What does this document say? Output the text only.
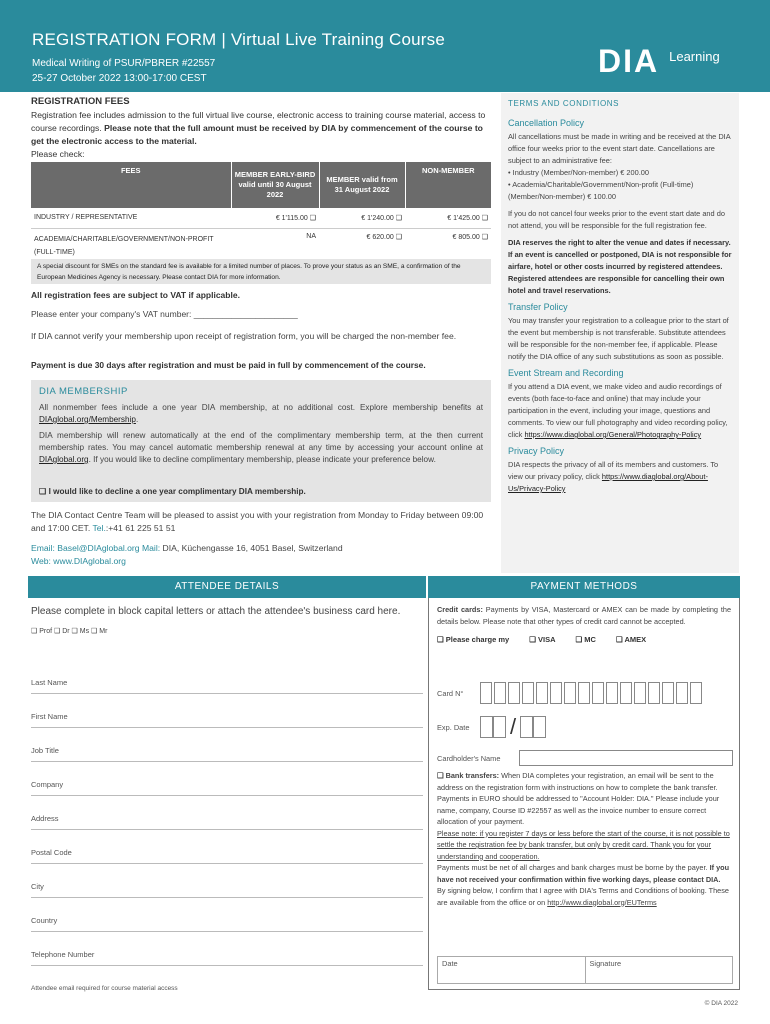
REGISTRATION FORM | Virtual Live Training Course
Medical Writing of PSUR/PBRER #22557
25-27 October 2022 13:00-17:00 CEST	DIA Learning
REGISTRATION FEES
Registration fee includes admission to the full virtual live course, electronic access to training course material, access to course recordings. Please note that the full amount must be received by DIA by commencement of the course to get the electronic access to the material.
Please check:
FEES	MEMBER EARLY-BIRD valid until 30 August 2022	MEMBER valid from 31 August 2022	NON-MEMBER
INDUSTRY / REPRESENTATIVE	€ 1'115.00 ❑	€ 1'240.00 ❑	€ 1'425.00 ❑
ACADEMIA/CHARITABLE/GOVERNMENT/NON-PROFIT (FULL-TIME)	NA	€ 620.00 ❑	€ 805.00 ❑
A special discount for SMEs on the standard fee is available for a limited number of places. To prove your status as an SME, a confirmation of the European Medicines Agency is necessary. Please contact DIA for more information.
All registration fees are subject to VAT if applicable.
Please enter your company's VAT number: ______________________
If DIA cannot verify your membership upon receipt of registration form, you will be charged the non-member fee.
Payment is due 30 days after registration and must be paid in full by commencement of the course.
DIA MEMBERSHIP
All nonmember fees include a one year DIA membership, at no additional cost. Explore membership benefits at DIAglobal.org/Membership.
DIA membership will renew automatically at the end of the complimentary membership term, at the then current membership rates. You may cancel automatic membership renewal at any time by accessing your account online at DIAglobal.org. If you would like to decline complimentary membership, please indicate your preference below.
❑ I would like to decline a one year complimentary DIA membership.
The DIA Contact Centre Team will be pleased to assist you with your registration from Monday to Friday between 09:00 and 17:00 CET. Tel.:+41 61 225 51 51
Email: Basel@DIAglobal.org Mail: DIA, Küchengasse 16, 4051 Basel, Switzerland
Web: www.DIAglobal.org
TERMS AND CONDITIONS
Cancellation Policy
All cancellations must be made in writing and be received at the DIA office four weeks prior to the event start date. Cancellations are subject to an administrative fee:
• Industry (Member/Non-member) € 200.00
• Academia/Charitable/Government/Non-profit (Full-time) (Member/Non-member) € 100.00
If you do not cancel four weeks prior to the event start date and do not attend, you will be responsible for the full registration fee.
DIA reserves the right to alter the venue and dates if necessary. If an event is cancelled or postponed, DIA is not responsible for airfare, hotel or other costs incurred by registered attendees. Registered attendees are responsible for cancelling their own hotel and travel reservations.
Transfer Policy
You may transfer your registration to a colleague prior to the start of the event but membership is not transferable. Substitute attendees will be responsible for the non-member fee, if applicable. Please notify the DIA office of any such substitutions as soon as possible.
Event Stream and Recording
If you attend a DIA event, we make video and audio recordings of events (both face-to-face and online) that may include your participation in the event, including your image, questions and comments. To view our full photography and video recording policy, click https://www.diaglobal.org/General/Photography-Policy
Privacy Policy
DIA respects the privacy of all of its members and customers. To view our privacy policy, click https://www.diaglobal.org/About-Us/Privacy-Policy
ATTENDEE DETAILS	PAYMENT METHODS
Please complete in block capital letters or attach the attendee's business card here.
❑ Prof ❑ Dr ❑ Ms ❑ Mr
Last Name
First Name
Job Title
Company
Address
Postal Code
City
Country
Telephone Number
Attendee email required for course material access
Credit cards: Payments by VISA, Mastercard or AMEX can be made by completing the details below. Please note that other types of credit card cannot be accepted.
❑ Please charge my	❑ VISA	❑ MC	❑ AMEX
Card N°
Exp. Date	/
Cardholder's Name
❑ Bank transfers: When DIA completes your registration, an email will be sent to the address on the registration form with instructions on how to complete the bank transfer. Payments in EURO should be addressed to "Account Holder: DIA." Please include your name, company, Course ID #22557 as well as the invoice number to ensure correct allocation of your payment.
Please note: if you register 7 days or less before the start of the course, it is not possible to settle the registration fee by bank transfer, but only by credit card. Thank you for your understanding and cooperation.
Payments must be net of all charges and bank charges must be borne by the payer. If you have not received your confirmation within five working days, please contact DIA.
By signing below, I confirm that I agree with DIA's Terms and Conditions of booking. These are available from the office or on http://www.diaglobal.org/EUTerms
Date	Signature
© DIA 2022
